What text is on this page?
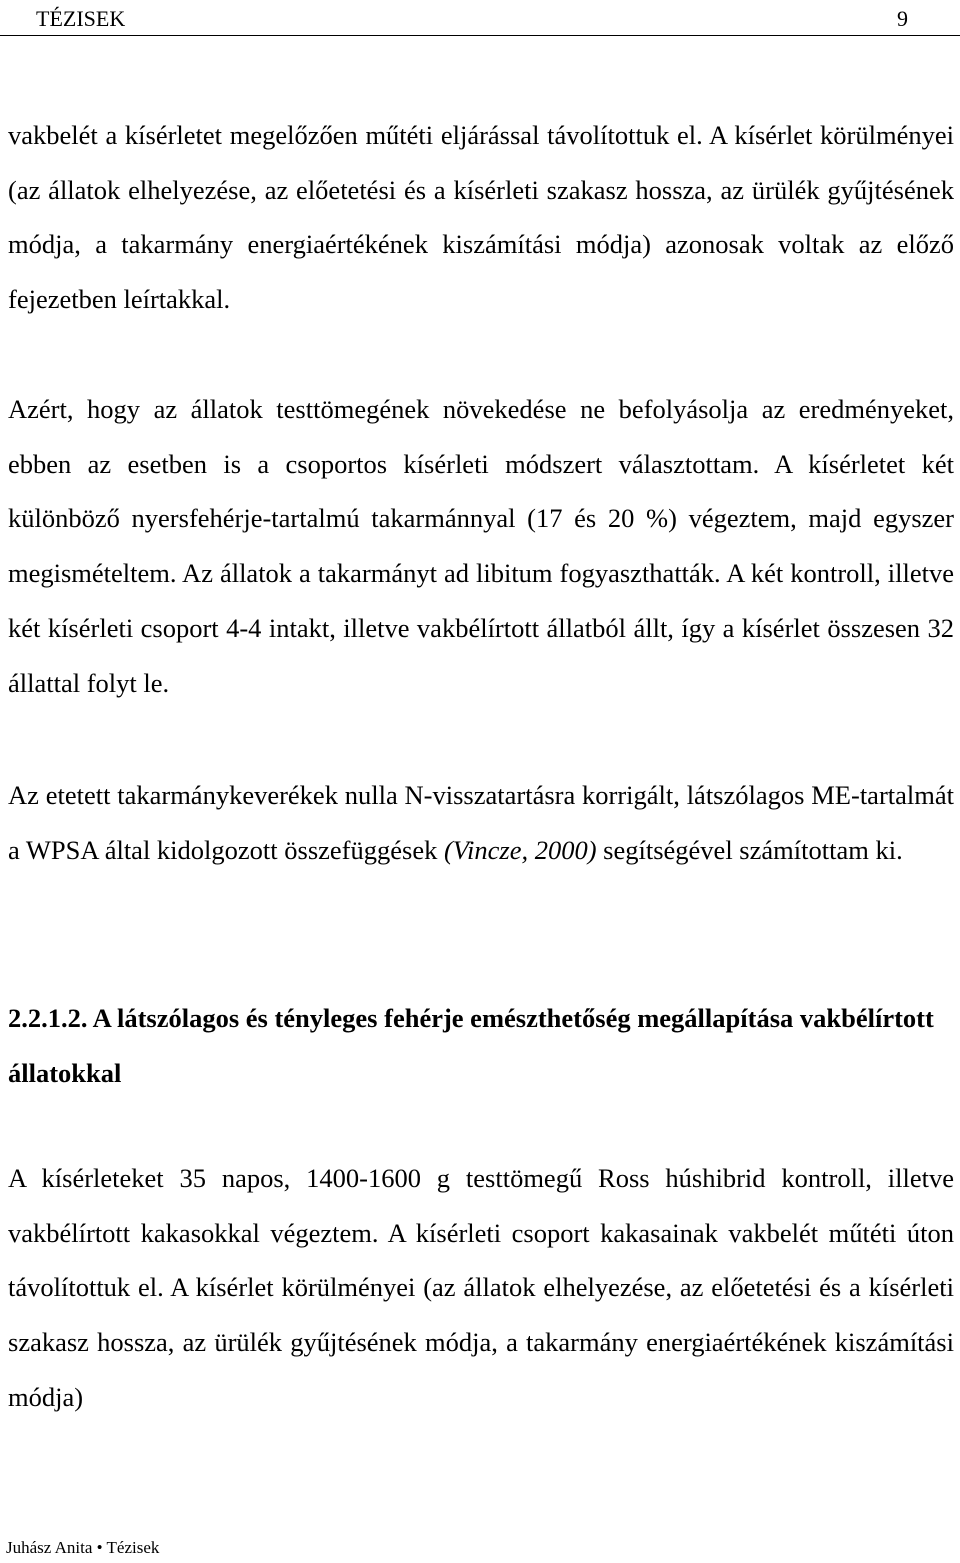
TÉZISEK	9
vakbelét a kísérletet megelőzően műtéti eljárással távolítottuk el. A kísérlet körülményei (az állatok elhelyezése, az előetetési és a kísérleti szakasz hossza, az ürülék gyűjtésének módja, a takarmány energiaértékének kiszámítási módja) azonosak voltak az előző fejezetben leírtakkal.
Azért, hogy az állatok testtömegének növekedése ne befolyásolja az eredményeket, ebben az esetben is a csoportos kísérleti módszert választottam. A kísérletet két különböző nyersfehérje-tartalmú takarmánnyal (17 és 20 %) végeztem, majd egyszer megismételtem. Az állatok a takarmányt ad libitum fogyaszthatták. A két kontroll, illetve két kísérleti csoport 4-4 intakt, illetve vakbélírtott állatból állt, így a kísérlet összesen 32 állattal folyt le.
Az etetett takarmánykeverékek nulla N-visszatartásra korrigált, látszólagos ME-tartalmát a WPSA által kidolgozott összefüggések (Vincze, 2000) segítségével számítottam ki.
2.2.1.2. A látszólagos és tényleges fehérje emészthetőség megállapítása vakbélírtott állatokkal
A kísérleteket 35 napos, 1400-1600 g testtömegű Ross húshibrid kontroll, illetve vakbélírtott kakasokkal végeztem. A kísérleti csoport kakasainak vakbelét műtéti úton távolítottuk el. A kísérlet körülményei (az állatok elhelyezése, az előetetési és a kísérleti szakasz hossza, az ürülék gyűjtésének módja, a takarmány energiaértékének kiszámítási módja)
Juhász Anita • Tézisek
